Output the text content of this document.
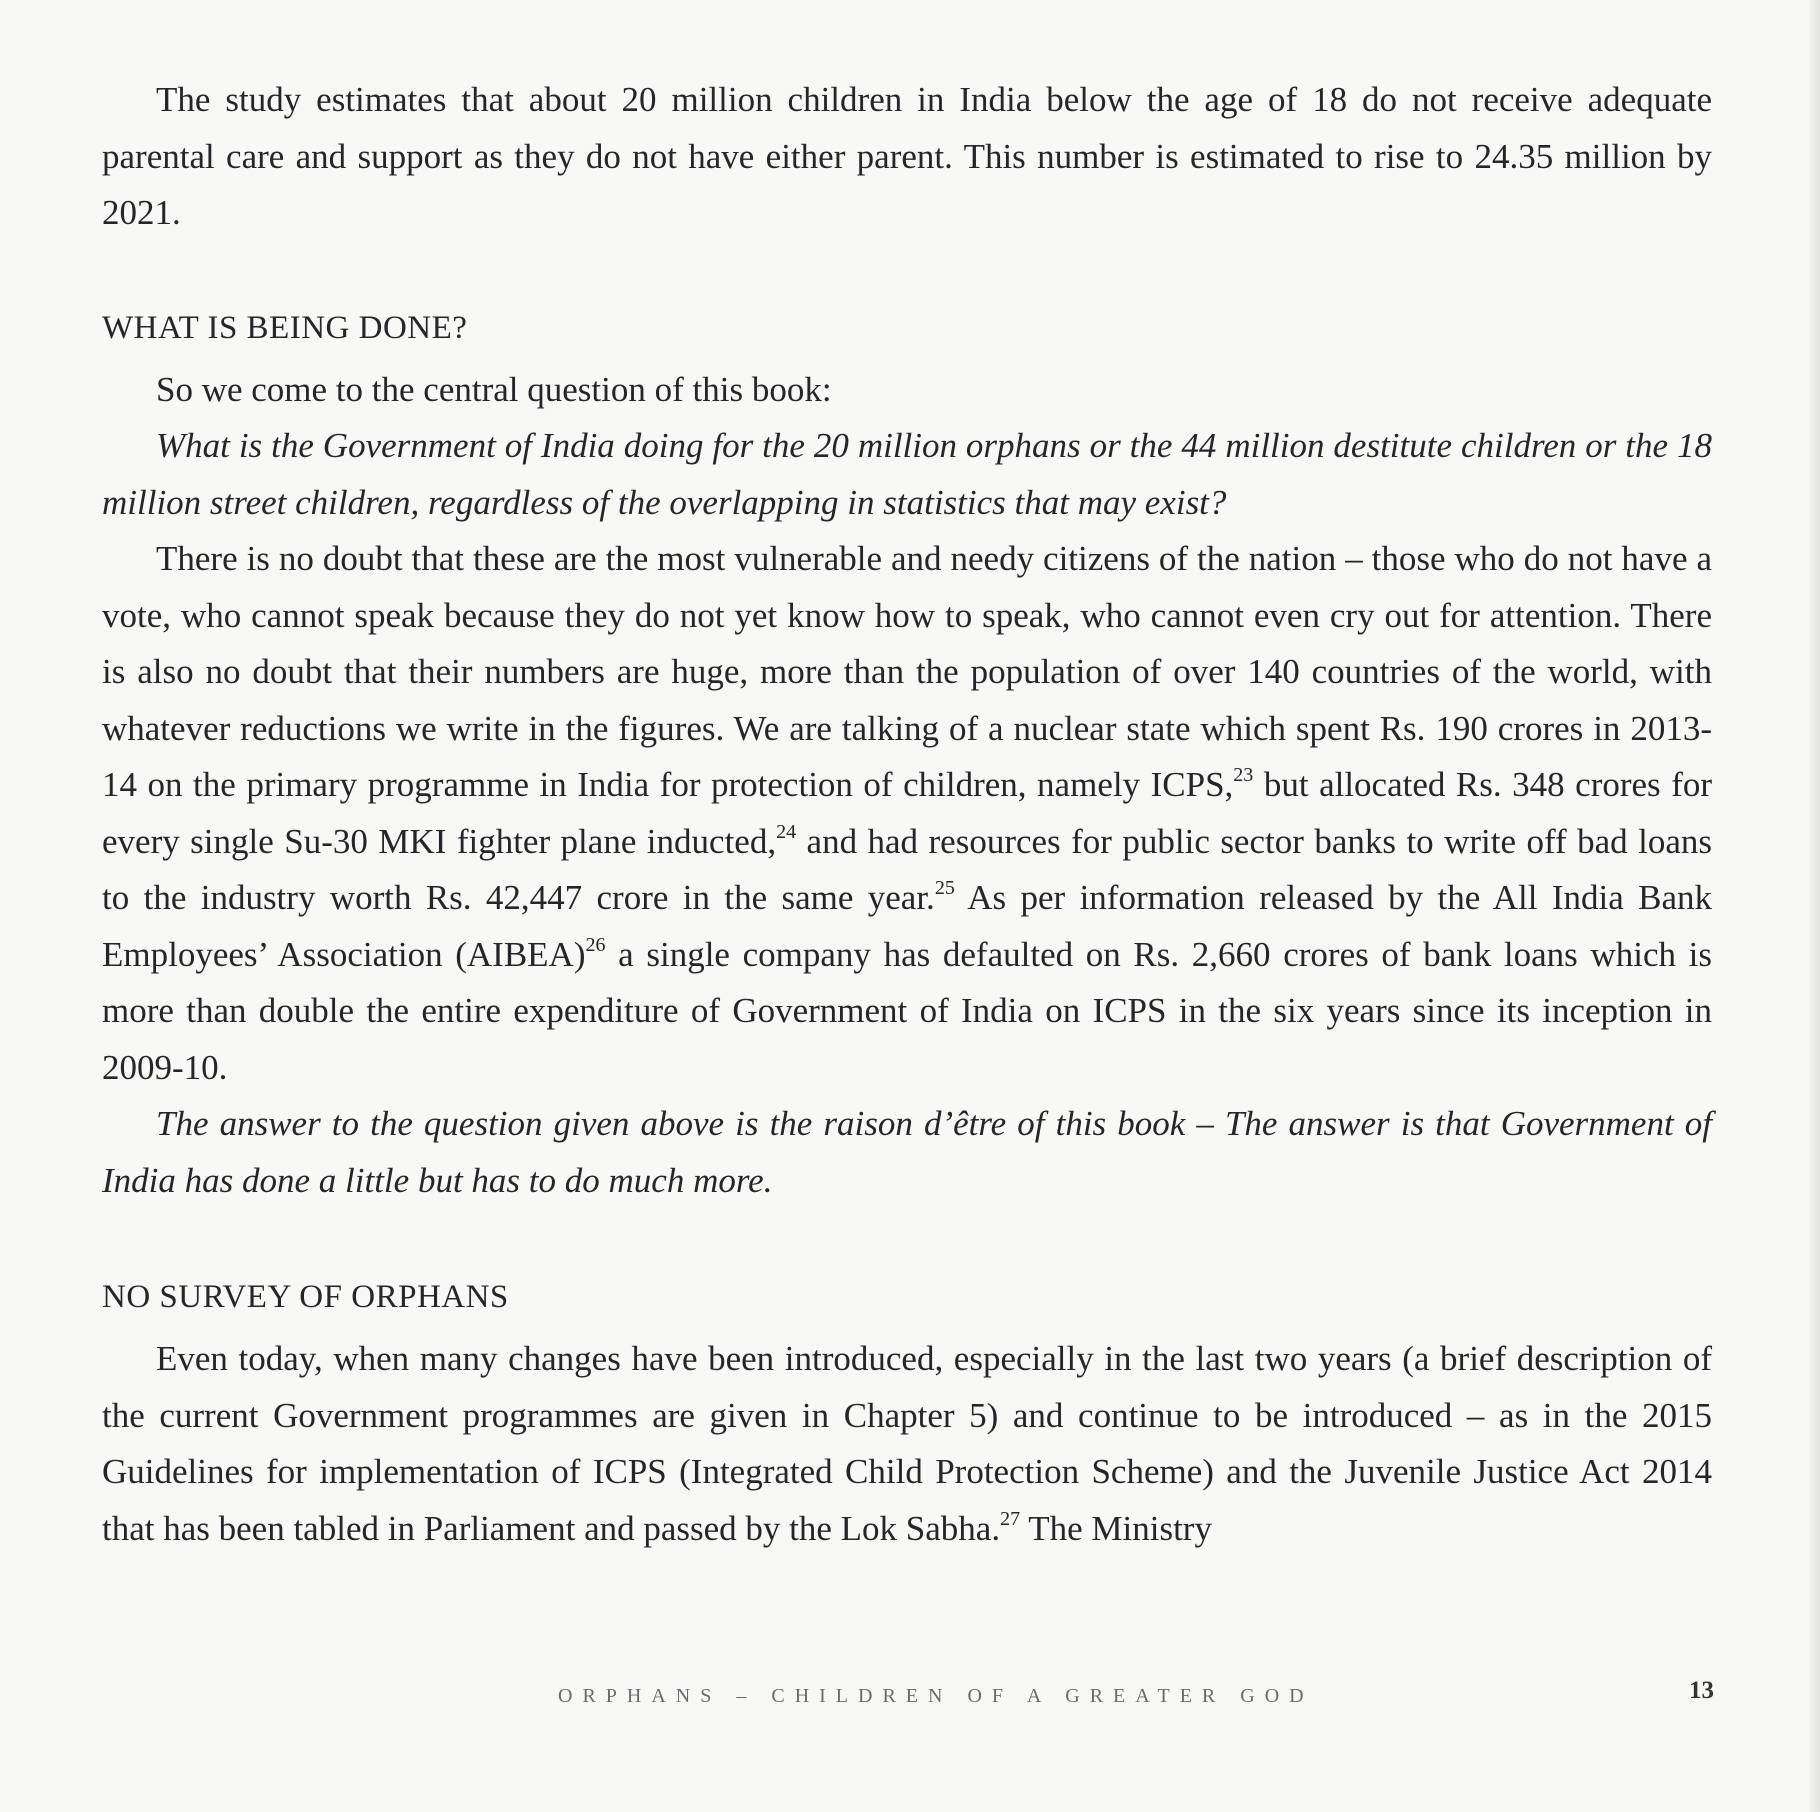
The study estimates that about 20 million children in India below the age of 18 do not receive adequate parental care and support as they do not have either parent. This number is estimated to rise to 24.35 million by 2021.

WHAT IS BEING DONE?

So we come to the central question of this book:

What is the Government of India doing for the 20 million orphans or the 44 million destitute children or the 18 million street children, regardless of the overlapping in statistics that may exist?

There is no doubt that these are the most vulnerable and needy citizens of the nation – those who do not have a vote, who cannot speak because they do not yet know how to speak, who cannot even cry out for attention. There is also no doubt that their numbers are huge, more than the population of over 140 countries of the world, with whatever reductions we write in the figures. We are talking of a nuclear state which spent Rs. 190 crores in 2013-14 on the primary programme in India for protection of children, namely ICPS,$^{23}$ but allocated Rs. 348 crores for every single Su-30 MKI fighter plane inducted,$^{24}$ and had resources for public sector banks to write off bad loans to the industry worth Rs. 42,447 crore in the same year.$^{25}$ As per information released by the All India Bank Employees’ Association (AIBEA)$^{26}$ a single company has defaulted on Rs. 2,660 crores of bank loans which is more than double the entire expenditure of Government of India on ICPS in the six years since its inception in 2009-10.

The answer to the question given above is the raison d’être of this book – The answer is that Government of India has done a little but has to do much more.

NO SURVEY OF ORPHANS

Even today, when many changes have been introduced, especially in the last two years (a brief description of the current Government programmes are given in Chapter 5) and continue to be introduced – as in the 2015 Guidelines for implementation of ICPS (Integrated Child Protection Scheme) and the Juvenile Justice Act 2014 that has been tabled in Parliament and passed by the Lok Sabha.$^{27}$ The Ministry

ORPHANS – CHILDREN OF A GREATER GOD	13
